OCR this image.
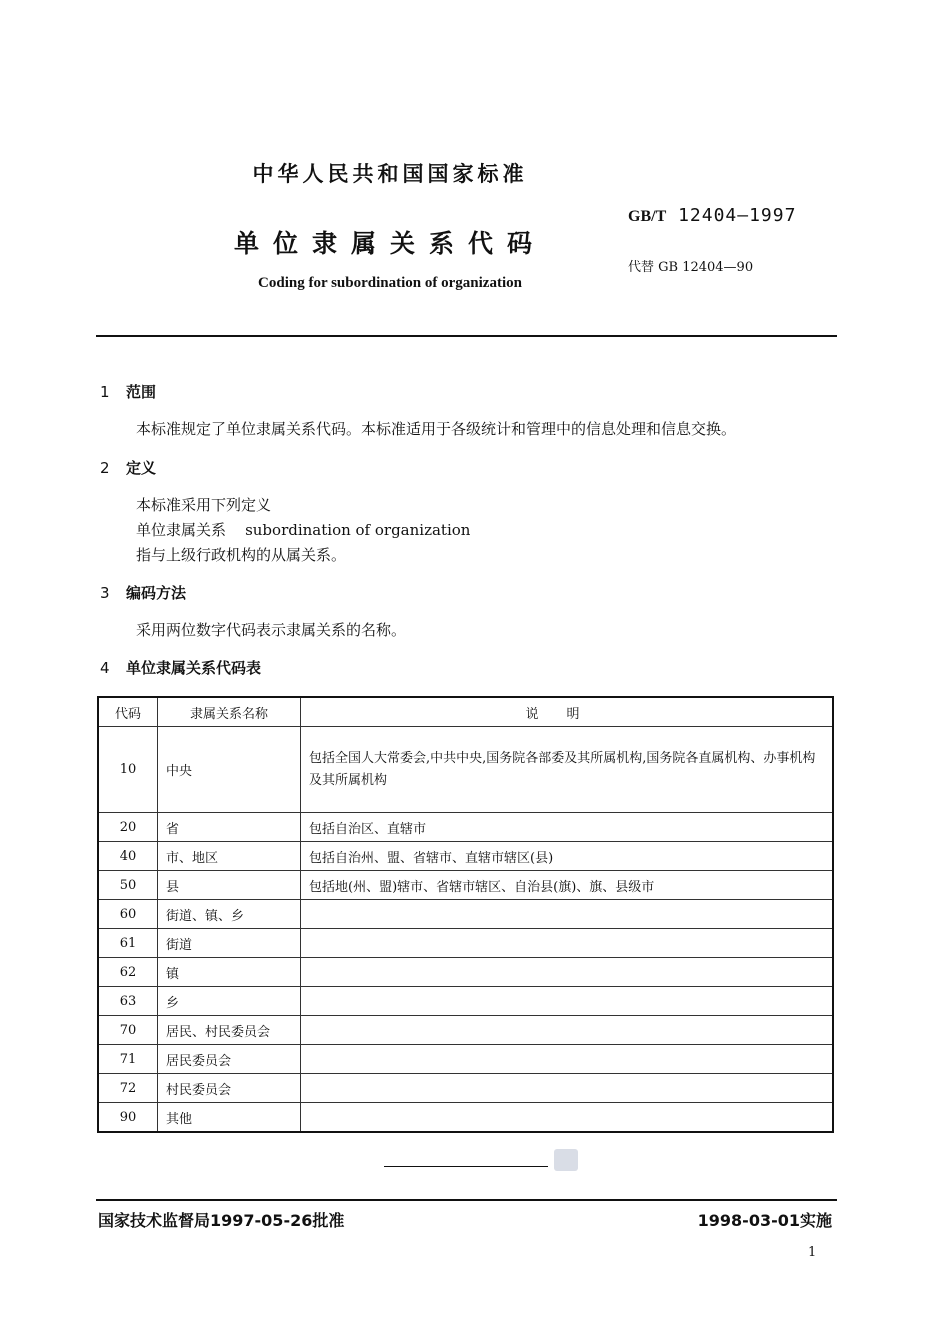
中华人民共和国国家标准
单位隶属关系代码
Coding for subordination of organization
GB/T 12404—1997
代替 GB 12404—90
1 范围
本标准规定了单位隶属关系代码。本标准适用于各级统计和管理中的信息处理和信息交换。
2 定义
本标准采用下列定义
单位隶属关系    subordination of organization
指与上级行政机构的从属关系。
3 编码方法
采用两位数字代码表示隶属关系的名称。
4 单位隶属关系代码表
代码	隶属关系名称	说明
10	中央	包括全国人大常委会,中共中央,国务院各部委及其所属机构,国务院各直属机构、办事机构及其所属机构

20	省	包括自治区、直辖市
40	市、地区	包括自治州、盟、省辖市、直辖市辖区(县)
50	县	包括地(州、盟)辖市、省辖市辖区、自治县(旗)、旗、县级市
60	街道、镇、乡	
61	街道	
62	镇	
63	乡	
70	居民、村民委员会	
71	居民委员会	
72	村民委员会	
90	其他	
国家技术监督局1997-05-26批准	1998-03-01实施
1
